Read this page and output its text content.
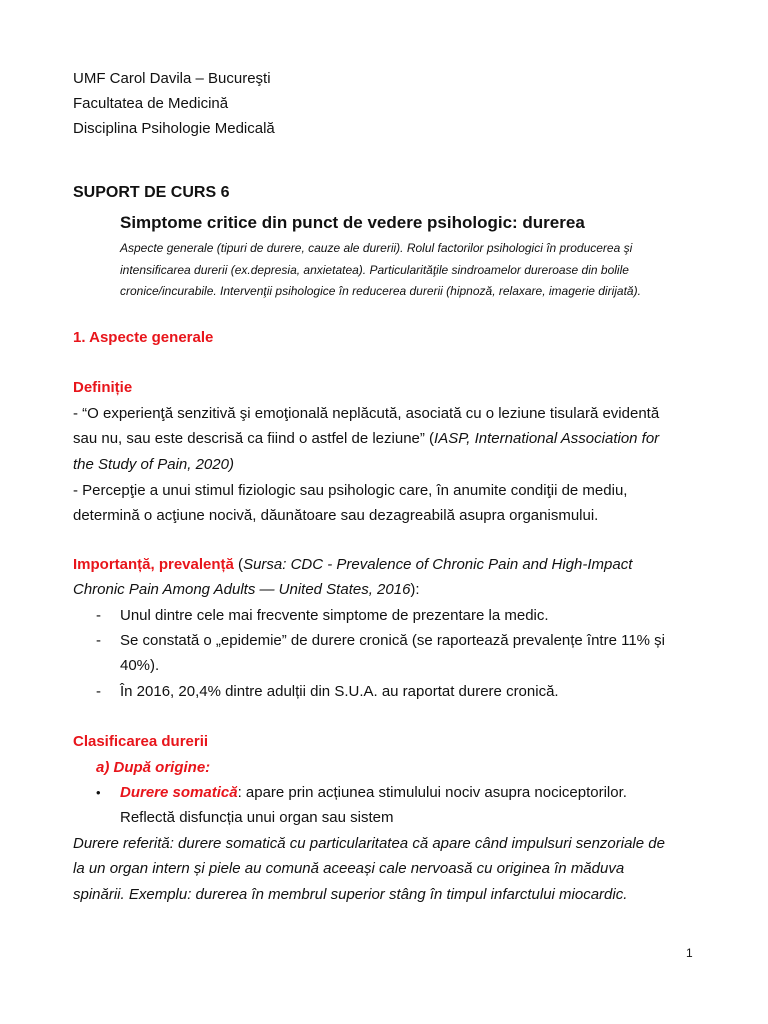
UMF Carol Davila – Bucureşti
Facultatea de Medicină
Disciplina Psihologie Medicală
SUPORT DE CURS 6
Simptome critice din punct de vedere psihologic: durerea
Aspecte generale (tipuri de durere, cauze ale durerii). Rolul factorilor psihologici în producerea şi
intensificarea durerii (ex.depresia, anxietatea). Particularităţile sindroamelor dureroase din bolile
cronice/incurabile. Intervenţii psihologice în reducerea durerii (hipnoză, relaxare, imagerie dirijată).
1. Aspecte generale
Definiție
- “O experienţă senzitivă şi emoţională neplăcută, asociată cu o leziune tisulară evidentă
sau nu, sau este descrisă ca fiind o astfel de leziune” (IASP, International Association for
the Study of Pain, 2020)
- Percepţie a unui stimul fiziologic sau psihologic care, în anumite condiţii de mediu,
determină o acţiune nocivă, dăunătoare sau dezagreabilă asupra organismului.
Importanță, prevalență (Sursa: CDC - Prevalence of Chronic Pain and High-Impact
Chronic Pain Among Adults — United States, 2016):
- Unul dintre cele mai frecvente simptome de prezentare la medic.
- Se constată o „epidemie” de durere cronică (se raportează prevalențe între 11% și
40%).
- În 2016, 20,4% dintre adulții din S.U.A. au raportat durere cronică.
Clasificarea durerii
a) După origine:
• Durere somatică: apare prin acțiunea stimulului nociv asupra nociceptorilor.
Reflectă disfuncția unui organ sau sistem
Durere referită: durere somatică cu particularitatea că apare când impulsuri senzoriale de
la un organ intern și piele au comună aceeași cale nervoasă cu originea în măduva
spinării. Exemplu: durerea în membrul superior stâng în timpul infarctului miocardic.
1
